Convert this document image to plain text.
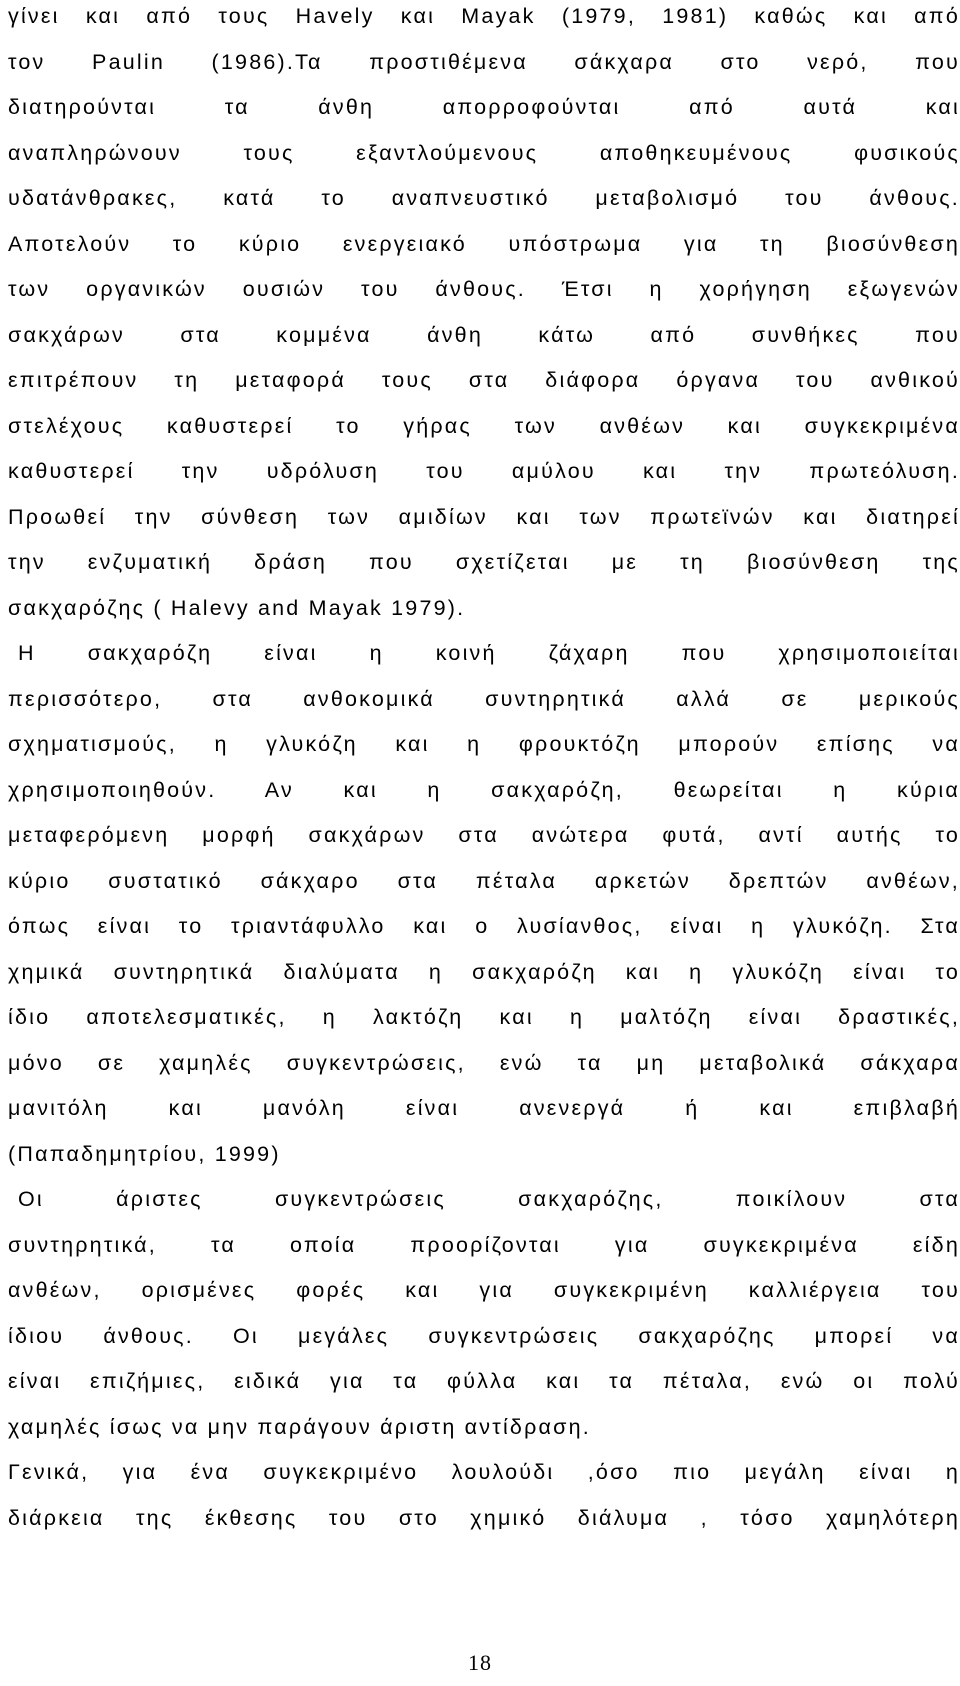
γίνει και από τους Havely και Mayak (1979, 1981) καθώς και από
τον Paulin (1986).Τα προστιθέμενα σάκχαρα στο νερό, που
διατηρούνται τα άνθη απορροφούνται από αυτά και
αναπληρώνουν τους εξαντλούμενους αποθηκευμένους φυσικούς
υδατάνθρακες, κατά το αναπνευστικό μεταβολισμό του άνθους.
Αποτελούν το κύριο ενεργειακό υπόστρωμα για τη βιοσύνθεση
των οργανικών ουσιών του άνθους. Έτσι η χορήγηση εξωγενών
σακχάρων στα κομμένα άνθη κάτω από συνθήκες που
επιτρέπουν τη μεταφορά τους στα διάφορα όργανα του ανθικού
στελέχους καθυστερεί το γήρας των ανθέων και συγκεκριμένα
καθυστερεί την υδρόλυση του αμύλου και την πρωτεόλυση.
Προωθεί την σύνθεση των αμιδίων και των πρωτεϊνών και διατηρεί
την ενζυματική δράση που σχετίζεται με τη βιοσύνθεση της
σακχαρόζης ( Halevy and Mayak 1979).
Η σακχαρόζη είναι η κοινή ζάχαρη που χρησιμοποιείται
περισσότερο, στα ανθοκομικά συντηρητικά αλλά σε μερικούς
σχηματισμούς, η γλυκόζη και η φρουκτόζη μπορούν επίσης να
χρησιμοποιηθούν. Αν και η σακχαρόζη, θεωρείται η κύρια
μεταφερόμενη μορφή σακχάρων στα ανώτερα φυτά, αντί αυτής το
κύριο συστατικό σάκχαρο στα πέταλα αρκετών δρεπτών ανθέων,
όπως είναι το τριαντάφυλλο και ο λυσίανθος, είναι η γλυκόζη. Στα
χημικά συντηρητικά διαλύματα η σακχαρόζη και η γλυκόζη είναι το
ίδιο αποτελεσματικές, η λακτόζη και η μαλτόζη είναι δραστικές,
μόνο σε χαμηλές συγκεντρώσεις, ενώ τα μη μεταβολικά σάκχαρα
μανιτόλη και μανόλη είναι ανενεργά ή και επιβλαβή
(Παπαδημητρίου, 1999)
Οι άριστες συγκεντρώσεις σακχαρόζης, ποικίλουν στα
συντηρητικά, τα οποία προορίζονται για συγκεκριμένα είδη
ανθέων, ορισμένες φορές και για συγκεκριμένη καλλιέργεια του
ίδιου άνθους. Οι μεγάλες συγκεντρώσεις σακχαρόζης μπορεί να
είναι επιζήμιες, ειδικά για τα φύλλα και τα πέταλα, ενώ οι πολύ
χαμηλές ίσως να μην παράγουν άριστη αντίδραση.
Γενικά, για ένα συγκεκριμένο λουλούδι ,όσο πιο μεγάλη είναι η
διάρκεια της έκθεσης του στο χημικό διάλυμα , τόσο χαμηλότερη
18
